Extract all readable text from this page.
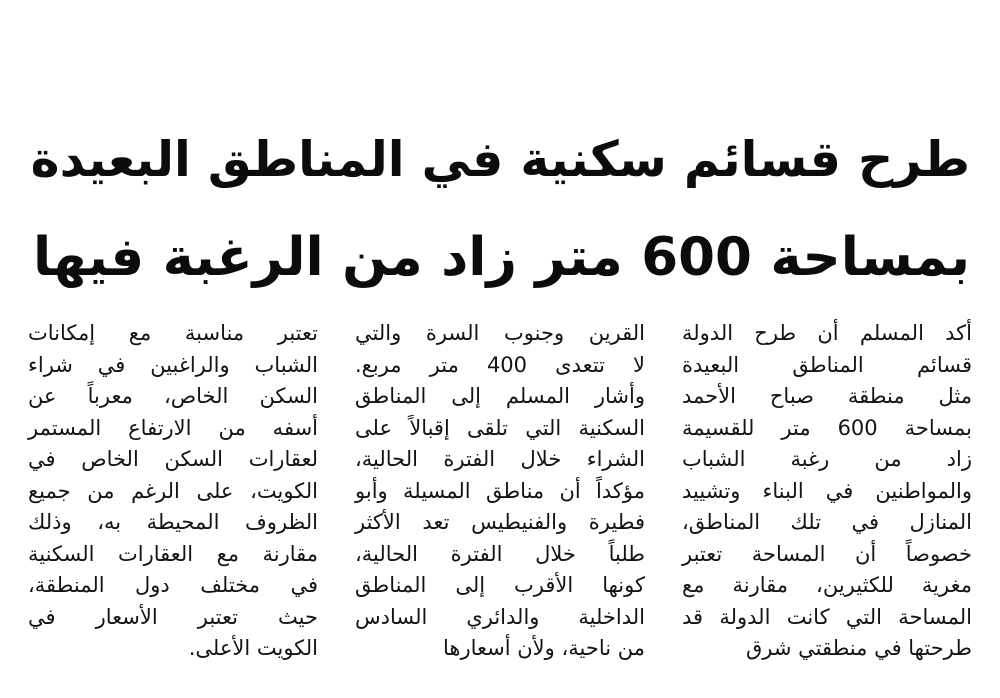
طرح قسائم سكنية في المناطق البعيدة
بمساحة 600 متر زاد من الرغبة فيها
أكد المسلم أن طرح الدولة
قسائم المناطق البعيدة
مثل منطقة صباح الأحمد
بمساحة 600 متر للقسيمة
زاد من رغبة الشباب
والمواطنين في البناء وتشييد
المنازل في تلك المناطق،
خصوصاً أن المساحة تعتبر
مغرية للكثيرين، مقارنة مع
المساحة التي كانت الدولة قد
طرحتها في منطقتي شرق
القرين وجنوب السرة والتي
لا تتعدى 400 متر مربع.
وأشار المسلم إلى المناطق
السكنية التي تلقى إقبالاً على
الشراء خلال الفترة الحالية،
مؤكداً أن مناطق المسيلة وأبو
فطيرة والفنيطيس تعد الأكثر
طلباً خلال الفترة الحالية،
كونها الأقرب إلى المناطق
الداخلية والدائري السادس
من ناحية، ولأن أسعارها
تعتبر مناسبة مع إمكانات
الشباب والراغبين في شراء
السكن الخاص، معرباً عن
أسفه من الارتفاع المستمر
لعقارات السكن الخاص في
الكويت، على الرغم من جميع
الظروف المحيطة به، وذلك
مقارنة مع العقارات السكنية
في مختلف دول المنطقة،
حيث تعتبر الأسعار في
الكويت الأعلى.
